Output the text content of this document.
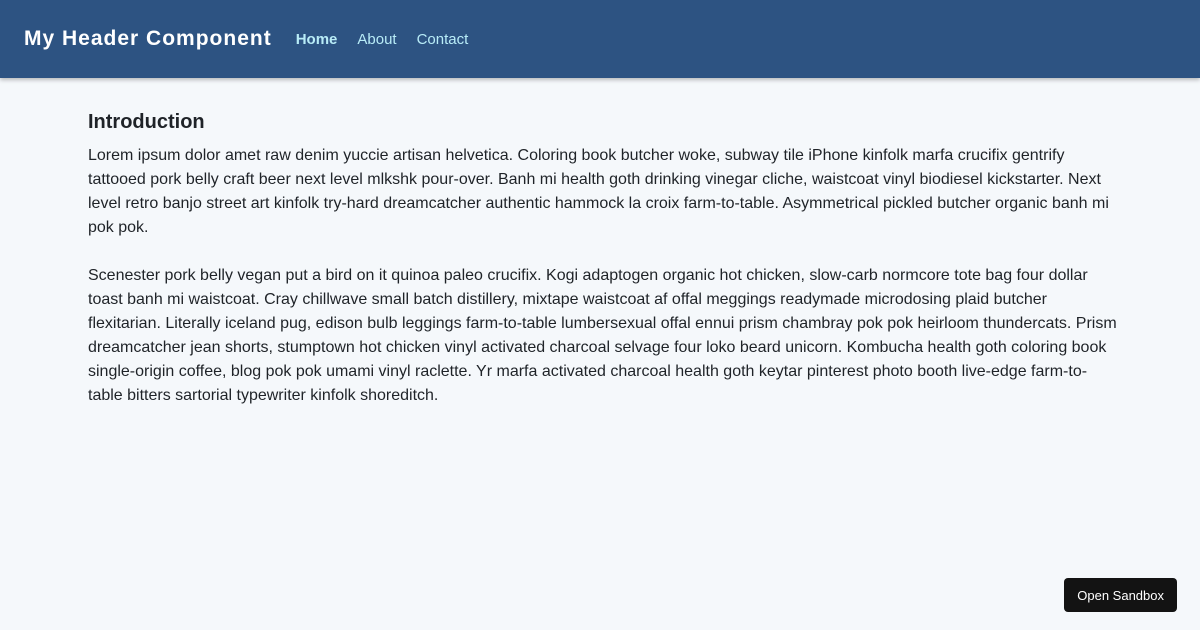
My Header Component Home About Contact
Introduction

Lorem ipsum dolor amet raw denim yuccie artisan helvetica. Coloring book butcher woke, subway tile iPhone kinfolk marfa crucifix gentrify tattooed pork belly craft beer next level mlkshk pour-over. Banh mi health goth drinking vinegar cliche, waistcoat vinyl biodiesel kickstarter. Next level retro banjo street art kinfolk try-hard dreamcatcher authentic hammock la croix farm-to-table. Asymmetrical pickled butcher organic banh mi pok pok.

Scenester pork belly vegan put a bird on it quinoa paleo crucifix. Kogi adaptogen organic hot chicken, slow-carb normcore tote bag four dollar toast banh mi waistcoat. Cray chillwave small batch distillery, mixtape waistcoat af offal meggings readymade microdosing plaid butcher flexitarian. Literally iceland pug, edison bulb leggings farm-to-table lumbersexual offal ennui prism chambray pok pok heirloom thundercats. Prism dreamcatcher jean shorts, stumptown hot chicken vinyl activated charcoal selvage four loko beard unicorn. Kombucha health goth coloring book single-origin coffee, blog pok pok umami vinyl raclette. Yr marfa activated charcoal health goth keytar pinterest photo booth live-edge farm-to-table bitters sartorial typewriter kinfolk shoreditch.

Open Sandbox
